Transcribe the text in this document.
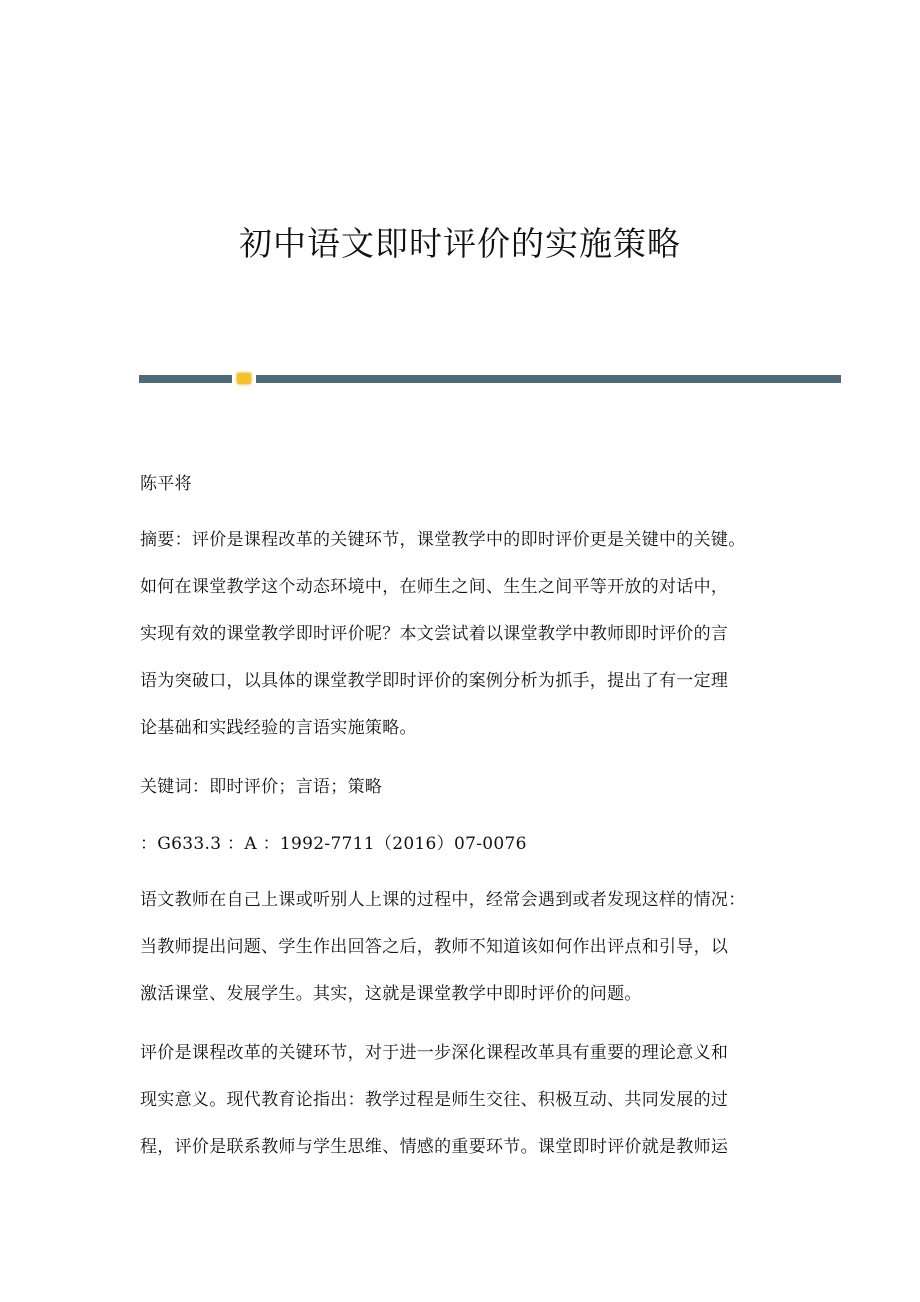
初中语文即时评价的实施策略
陈平将
摘要：评价是课程改革的关键环节，课堂教学中的即时评价更是关键中的关键。
如何在课堂教学这个动态环境中，在师生之间、生生之间平等开放的对话中，
实现有效的课堂教学即时评价呢？本文尝试着以课堂教学中教师即时评价的言
语为突破口，以具体的课堂教学即时评价的案例分析为抓手，提出了有一定理
论基础和实践经验的言语实施策略。
关键词：即时评价；言语；策略
：G633.3 ：A ：1992-7711（2016）07-0076
语文教师在自己上课或听别人上课的过程中，经常会遇到或者发现这样的情况：
当教师提出问题、学生作出回答之后，教师不知道该如何作出评点和引导，以
激活课堂、发展学生。其实，这就是课堂教学中即时评价的问题。
评价是课程改革的关键环节，对于进一步深化课程改革具有重要的理论意义和
现实意义。现代教育论指出：教学过程是师生交往、积极互动、共同发展的过
程，评价是联系教师与学生思维、情感的重要环节。课堂即时评价就是教师运
